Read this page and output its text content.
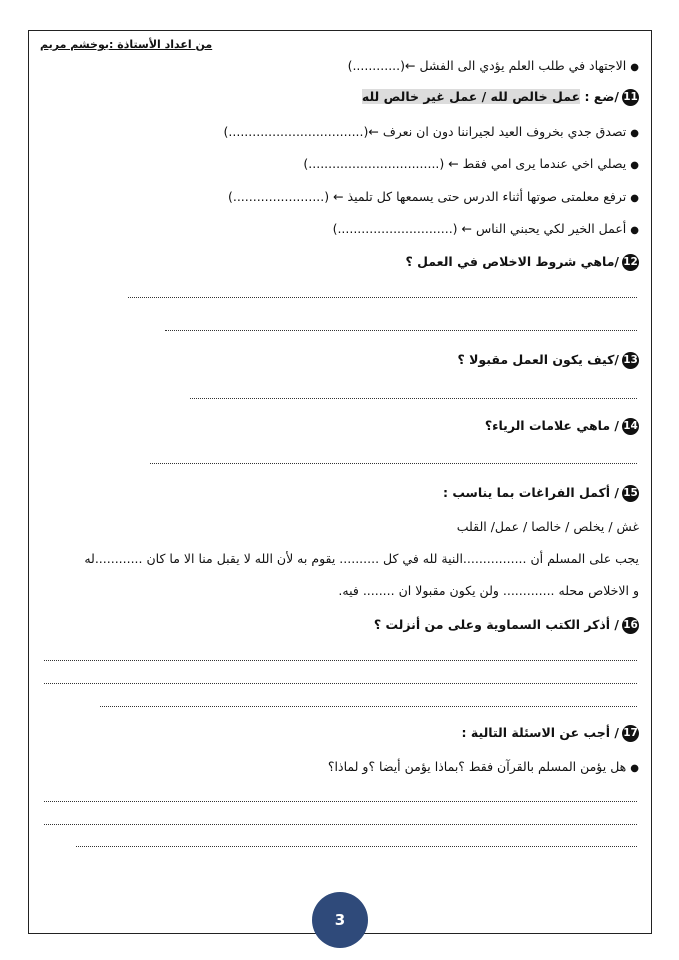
من اعداد الأستاذة :بوخشم مريم
●الاجتهاد في طلب العلم يؤدي الى الفشل ←(............)
11/ضع : عمل خالص لله / عمل غير خالص لله
●تصدق جدي بخروف العيد لجيراننا دون ان نعرف ←(..................................)
●يصلي اخي عندما يرى امي فقط ← (.................................)
●ترفع معلمتى صوتها أثناء الدرس حتى يسمعها كل تلميذ ← (.......................)
●أعمل الخير لكي يحبني الناس ← (.............................)
12/ماهي شروط الاخلاص في العمل ؟
13/كيف يكون العمل مقبولا ؟
14/ ماهي علامات الرياء؟
15/ أكمل الفراغات بما يناسب :
غش / يخلص / خالصا / عمل/ القلب
يجب على المسلم أن ................النية لله في كل .......... يقوم به لأن الله لا يقبل منا الا ما كان ............له
و الاخلاص محله ............. ولن يكون مقبولا ان ........ فيه.
16/ أذكر الكتب السماوية وعلى من أنزلت ؟
17/ أجب عن الاسئلة التالية :
●هل يؤمن المسلم بالقرآن فقط ؟بماذا يؤمن أيضا ؟و لماذا؟
3
